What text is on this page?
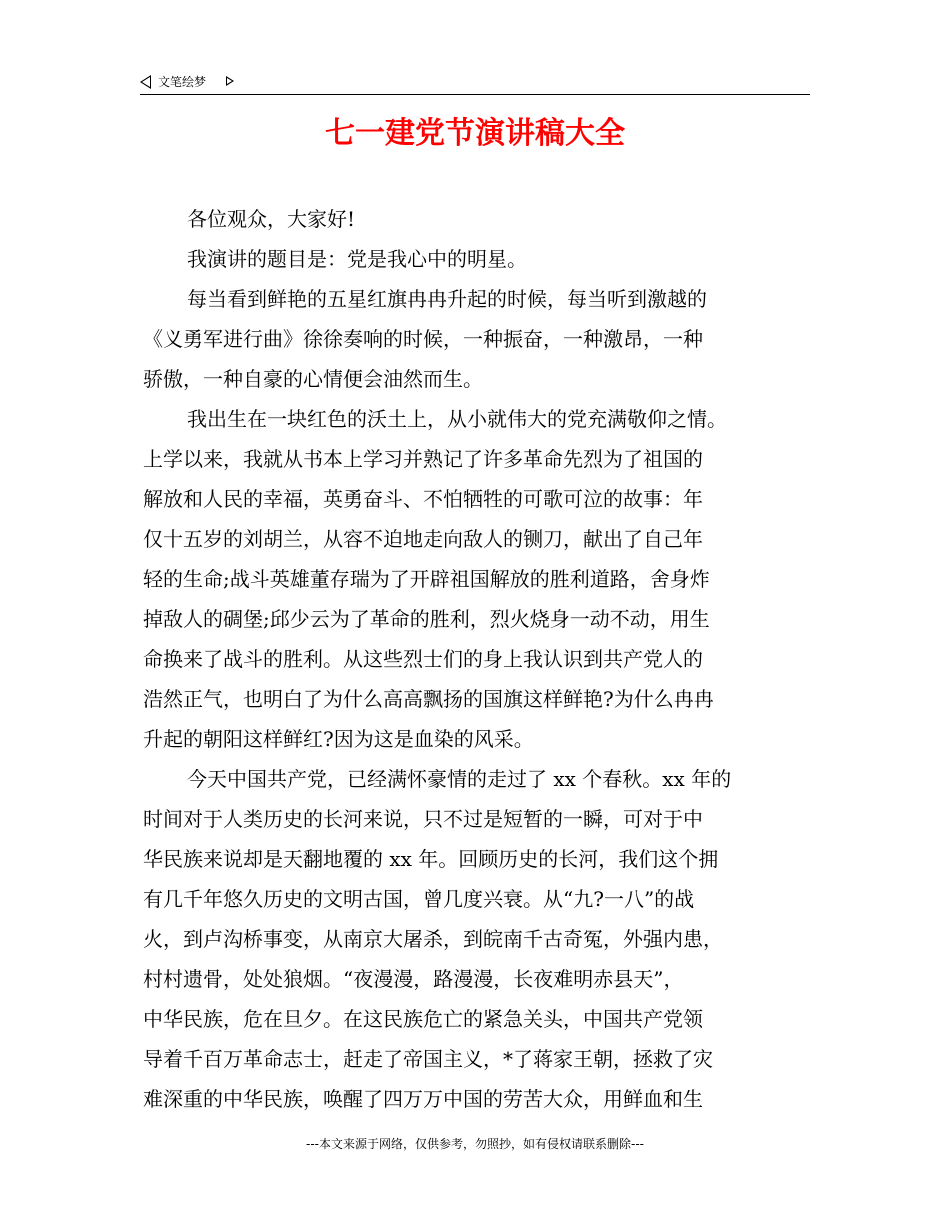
文笔绘梦
七一建党节演讲稿大全
各位观众，大家好!
我演讲的题目是：党是我心中的明星。
每当看到鲜艳的五星红旗冉冉升起的时候，每当听到激越的
《义勇军进行曲》徐徐奏响的时候，一种振奋，一种激昂，一种
骄傲，一种自豪的心情便会油然而生。
我出生在一块红色的沃土上，从小就伟大的党充满敬仰之情。
上学以来，我就从书本上学习并熟记了许多革命先烈为了祖国的
解放和人民的幸福，英勇奋斗、不怕牺牲的可歌可泣的故事：年
仅十五岁的刘胡兰，从容不迫地走向敌人的铡刀，献出了自己年
轻的生命;战斗英雄董存瑞为了开辟祖国解放的胜利道路，舍身炸
掉敌人的碉堡;邱少云为了革命的胜利，烈火烧身一动不动，用生
命换来了战斗的胜利。从这些烈士们的身上我认识到共产党人的
浩然正气，也明白了为什么高高飘扬的国旗这样鲜艳?为什么冉冉
升起的朝阳这样鲜红?因为这是血染的风采。
今天中国共产党，已经满怀豪情的走过了 xx 个春秋。xx 年的
时间对于人类历史的长河来说，只不过是短暂的一瞬，可对于中
华民族来说却是天翻地覆的 xx 年。回顾历史的长河，我们这个拥
有几千年悠久历史的文明古国，曾几度兴衰。从“九?一八”的战
火，到卢沟桥事变，从南京大屠杀，到皖南千古奇冤，外强内患，
村村遗骨，处处狼烟。“夜漫漫，路漫漫，长夜难明赤县天”，
中华民族，危在旦夕。在这民族危亡的紧急关头，中国共产党领
导着千百万革命志士，赶走了帝国主义，*了蒋家王朝，拯救了灾
难深重的中华民族，唤醒了四万万中国的劳苦大众，用鲜血和生
---本文来源于网络，仅供参考，勿照抄，如有侵权请联系删除---
